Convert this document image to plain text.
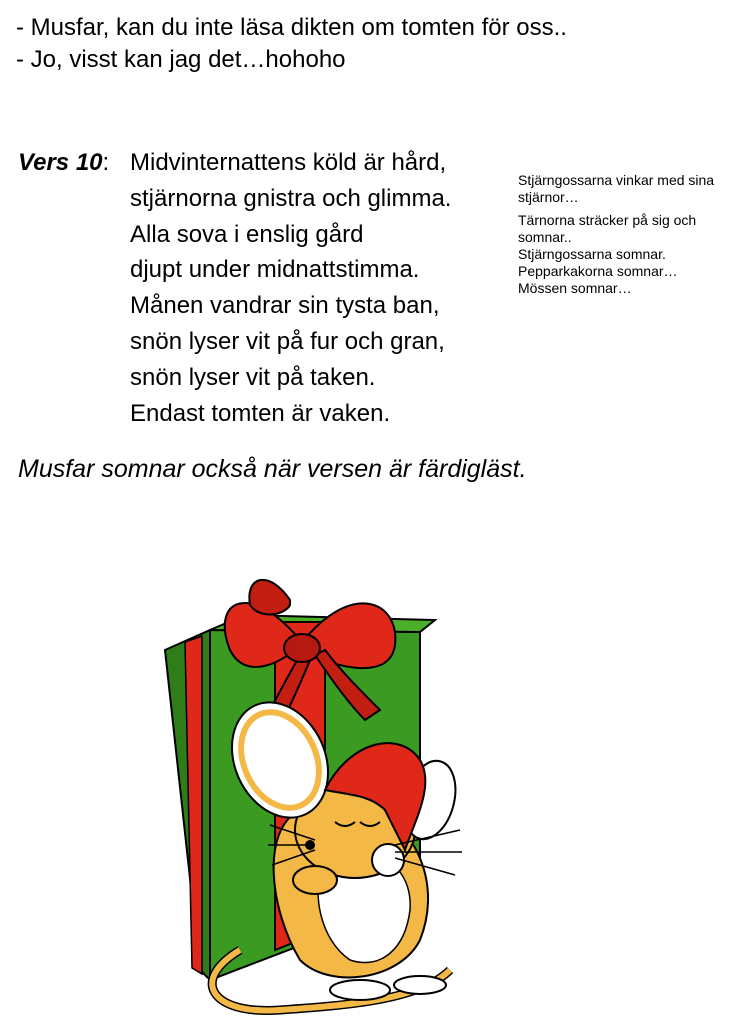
- Musfar, kan du inte läsa dikten om tomten för oss..
- Jo, visst kan jag det…hohoho
Vers 10: Midvinternattens köld är hård,
stjärnorna gnistra och glimma.
Alla sova i enslig gård
djupt under midnattstimma.
Månen vandrar sin tysta ban,
snön lyser vit på fur och gran,
snön lyser vit på taken.
Endast tomten är vaken.
Stjärngossarna vinkar med sina stjärnor…
Tärnorna sträcker på sig och somnar..
Stjärngossarna somnar.
Pepparkakorna somnar…
Mössen somnar…
Musfar somnar också när versen är färdigläst.
